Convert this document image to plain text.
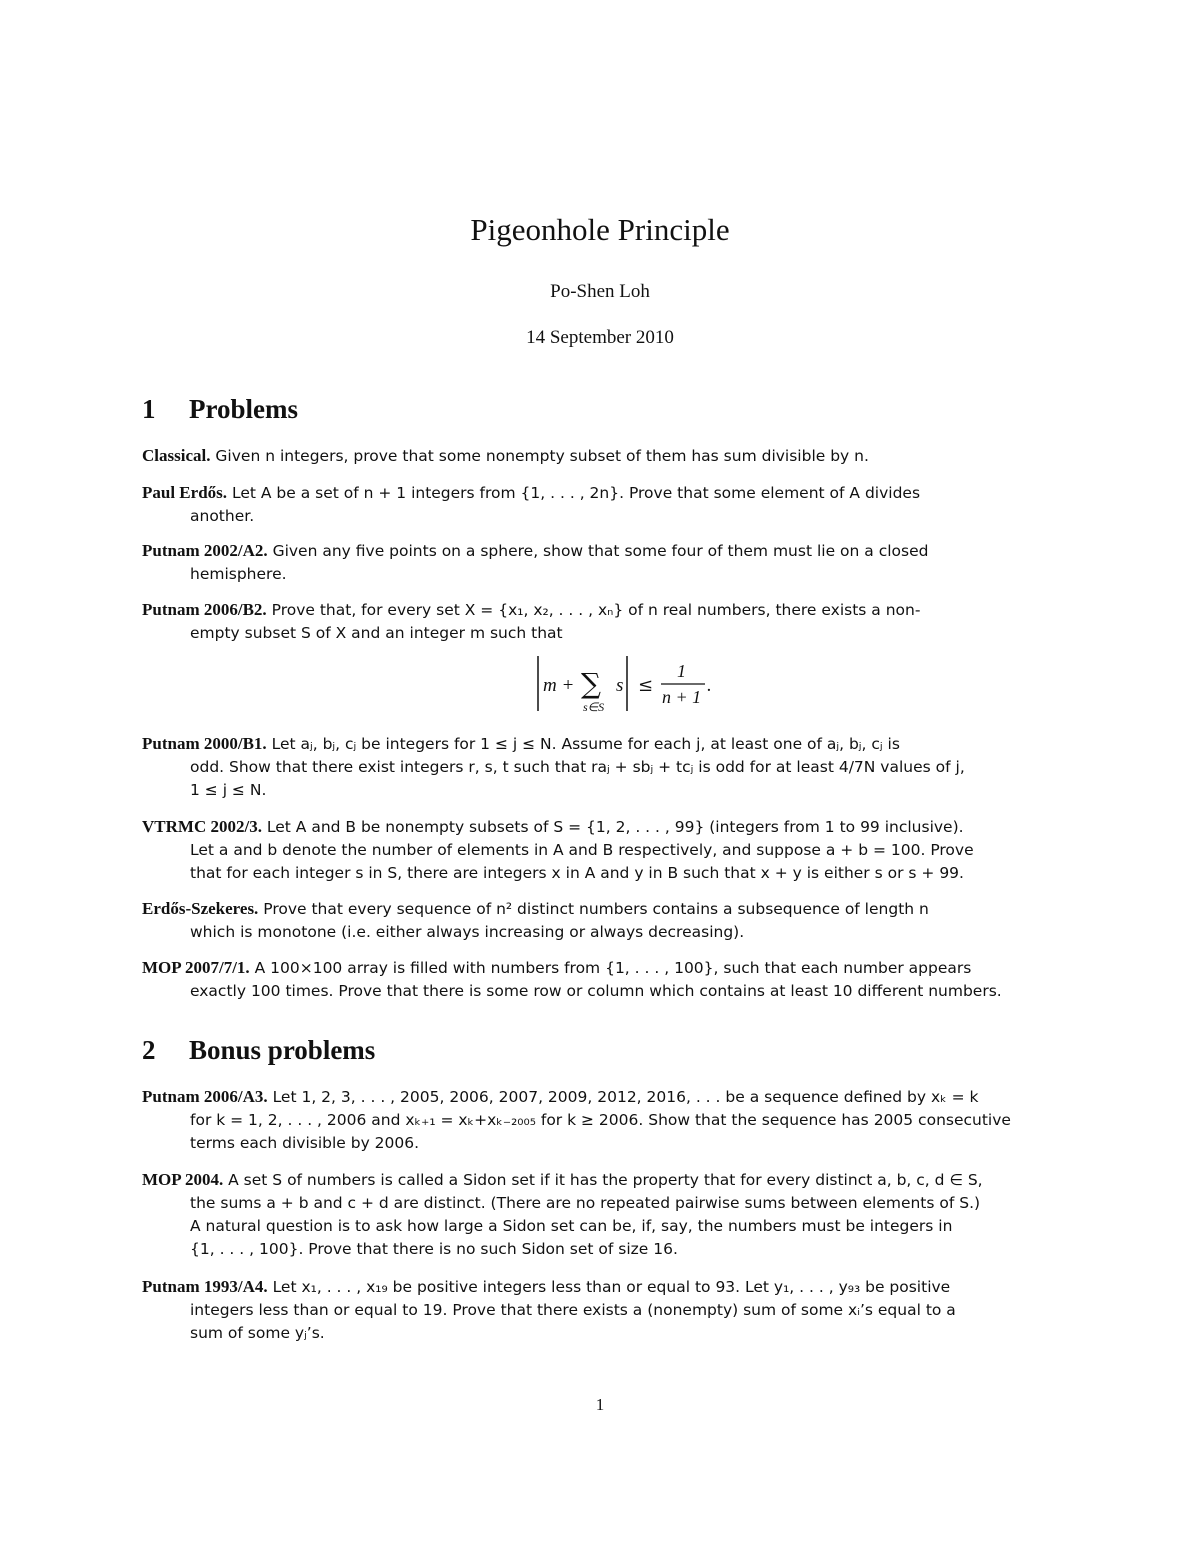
Pigeonhole Principle
Po-Shen Loh
14 September 2010
1 Problems
Classical. Given n integers, prove that some nonempty subset of them has sum divisible by n.
Paul Erdős. Let A be a set of n + 1 integers from {1, . . . , 2n}. Prove that some element of A divides
another.
Putnam 2002/A2. Given any five points on a sphere, show that some four of them must lie on a closed
hemisphere.
Putnam 2006/B2. Prove that, for every set X = {x₁, x₂, . . . , xₙ} of n real numbers, there exists a non-
empty subset S of X and an integer m such that
m + ∑
s∈S
s ≤
1
n + 1
.
Putnam 2000/B1. Let aⱼ, bⱼ, cⱼ be integers for 1 ≤ j ≤ N. Assume for each j, at least one of aⱼ, bⱼ, cⱼ is
odd. Show that there exist integers r, s, t such that raⱼ + sbⱼ + tcⱼ is odd for at least 4/7N values of j,
1 ≤ j ≤ N.
VTRMC 2002/3. Let A and B be nonempty subsets of S = {1, 2, . . . , 99} (integers from 1 to 99 inclusive).
Let a and b denote the number of elements in A and B respectively, and suppose a + b = 100. Prove
that for each integer s in S, there are integers x in A and y in B such that x + y is either s or s + 99.
Erdős-Szekeres. Prove that every sequence of n² distinct numbers contains a subsequence of length n
which is monotone (i.e. either always increasing or always decreasing).
MOP 2007/7/1. A 100×100 array is filled with numbers from {1, . . . , 100}, such that each number appears
exactly 100 times. Prove that there is some row or column which contains at least 10 different numbers.
2 Bonus problems
Putnam 2006/A3. Let 1, 2, 3, . . . , 2005, 2006, 2007, 2009, 2012, 2016, . . . be a sequence defined by xₖ = k
for k = 1, 2, . . . , 2006 and xₖ₊₁ = xₖ+xₖ₋₂₀₀₅ for k ≥ 2006. Show that the sequence has 2005 consecutive
terms each divisible by 2006.
MOP 2004. A set S of numbers is called a Sidon set if it has the property that for every distinct a, b, c, d ∈ S,
the sums a + b and c + d are distinct. (There are no repeated pairwise sums between elements of S.)
A natural question is to ask how large a Sidon set can be, if, say, the numbers must be integers in
{1, . . . , 100}. Prove that there is no such Sidon set of size 16.
Putnam 1993/A4. Let x₁, . . . , x₁₉ be positive integers less than or equal to 93. Let y₁, . . . , y₉₃ be positive
integers less than or equal to 19. Prove that there exists a (nonempty) sum of some xᵢ’s equal to a
sum of some yⱼ’s.
1
